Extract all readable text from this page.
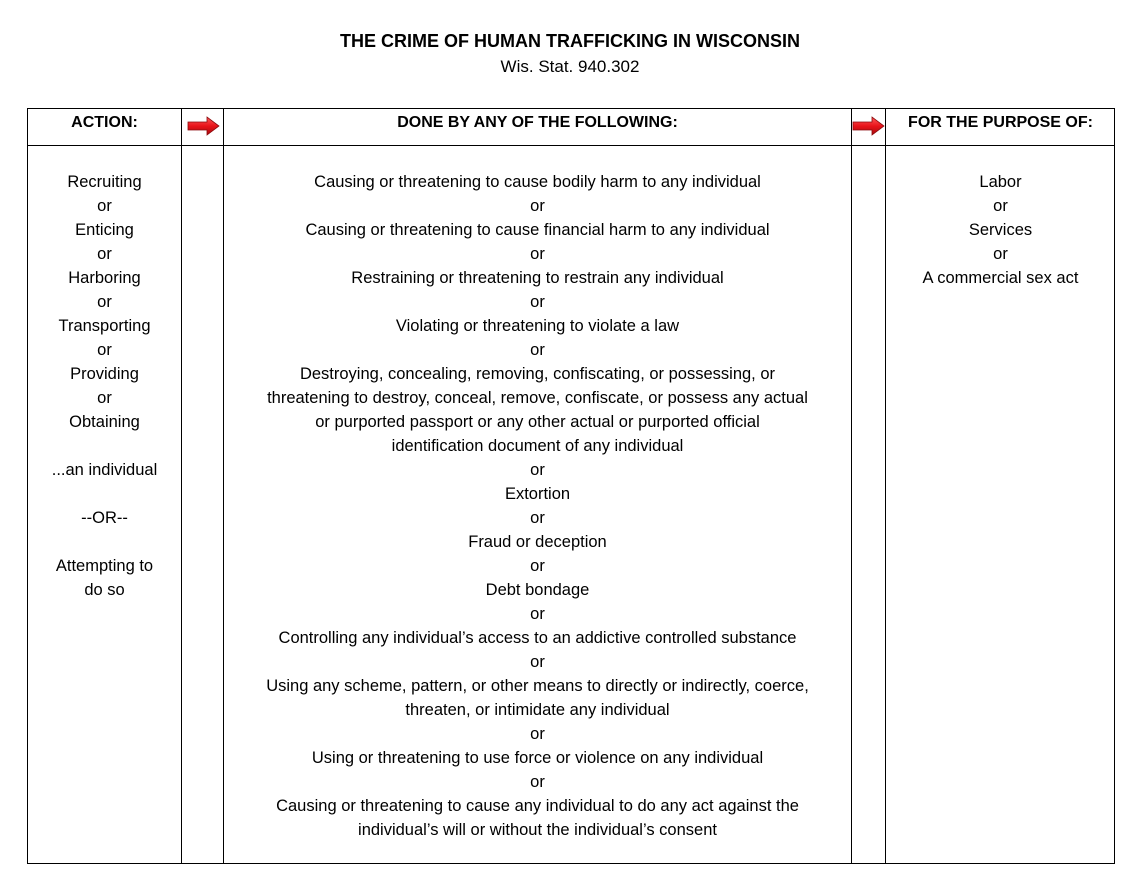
THE CRIME OF HUMAN TRAFFICKING IN WISCONSIN
Wis. Stat. 940.302
ACTION:	DONE BY ANY OF THE FOLLOWING:	FOR THE PURPOSE OF:
Recruiting
or
Enticing
or
Harboring
or
Transporting
or
Providing
or
Obtaining
...an individual
--OR--
Attempting to
do so
Causing or threatening to cause bodily harm to any individual
or
Causing or threatening to cause financial harm to any individual
or
Restraining or threatening to restrain any individual
or
Violating or threatening to violate a law
or
Destroying, concealing, removing, confiscating, or possessing, or
threatening to destroy, conceal, remove, confiscate, or possess any actual
or purported passport or any other actual or purported official
identification document of any individual
or
Extortion
or
Fraud or deception
or
Debt bondage
or
Controlling any individual’s access to an addictive controlled substance
or
Using any scheme, pattern, or other means to directly or indirectly, coerce,
threaten, or intimidate any individual
or
Using or threatening to use force or violence on any individual
or
Causing or threatening to cause any individual to do any act against the
individual’s will or without the individual’s consent
Labor
or
Services
or
A commercial sex act
